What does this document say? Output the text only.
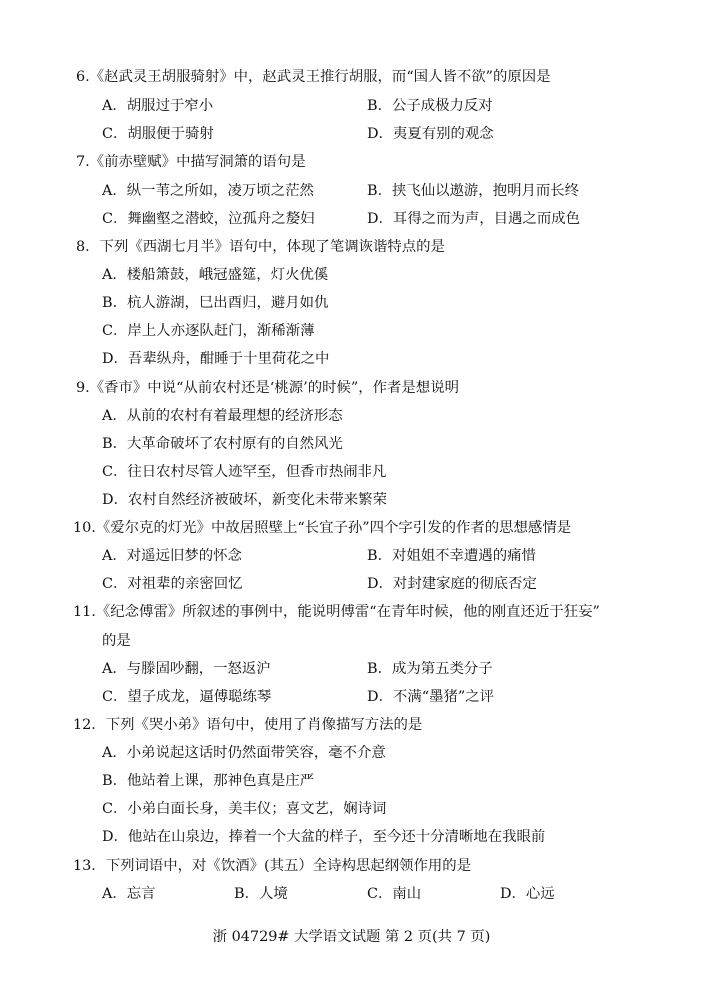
6.《赵武灵王胡服骑射》中，赵武灵王推行胡服，而“国人皆不欲”的原因是
A．胡服过于窄小	B．公子成极力反对
C．胡服便于骑射	D．夷夏有别的观念
7.《前赤壁赋》中描写洞箫的语句是
A．纵一苇之所如，凌万顷之茫然	B．挟飞仙以遨游，抱明月而长终
C．舞幽壑之潜蛟，泣孤舟之嫠妇	D．耳得之而为声，目遇之而成色
8．下列《西湖七月半》语句中，体现了笔调诙谐特点的是
A．楼船箫鼓，峨冠盛筵，灯火优傒
B．杭人游湖，巳出酉归，避月如仇
C．岸上人亦逐队赶门，渐稀渐薄
D．吾辈纵舟，酣睡于十里荷花之中
9.《香市》中说“从前农村还是‘桃源’的时候”，作者是想说明
A．从前的农村有着最理想的经济形态
B．大革命破坏了农村原有的自然风光
C．往日农村尽管人迹罕至，但香市热闹非凡
D．农村自然经济被破坏，新变化未带来繁荣
10.《爱尔克的灯光》中故居照壁上“长宜子孙”四个字引发的作者的思想感情是
A．对遥远旧梦的怀念	B．对姐姐不幸遭遇的痛惜
C．对祖辈的亲密回忆	D．对封建家庭的彻底否定
11.《纪念傅雷》所叙述的事例中，能说明傅雷“在青年时候，他的刚直还近于狂妄”
的是
A．与滕固吵翻，一怒返沪	B．成为第五类分子
C．望子成龙，逼傅聪练琴	D．不满“墨猪”之评
12．下列《哭小弟》语句中，使用了肖像描写方法的是
A．小弟说起这话时仍然面带笑容，毫不介意
B．他站着上课，那神色真是庄严
C．小弟白面长身，美丰仪；喜文艺，娴诗词
D．他站在山泉边，捧着一个大盆的样子，至今还十分清晰地在我眼前
13．下列词语中，对《饮酒》(其五）全诗构思起纲领作用的是
A．忘言	B．人境	C．南山	D．心远
浙 04729# 大学语文试题 第 2 页(共 7 页)
